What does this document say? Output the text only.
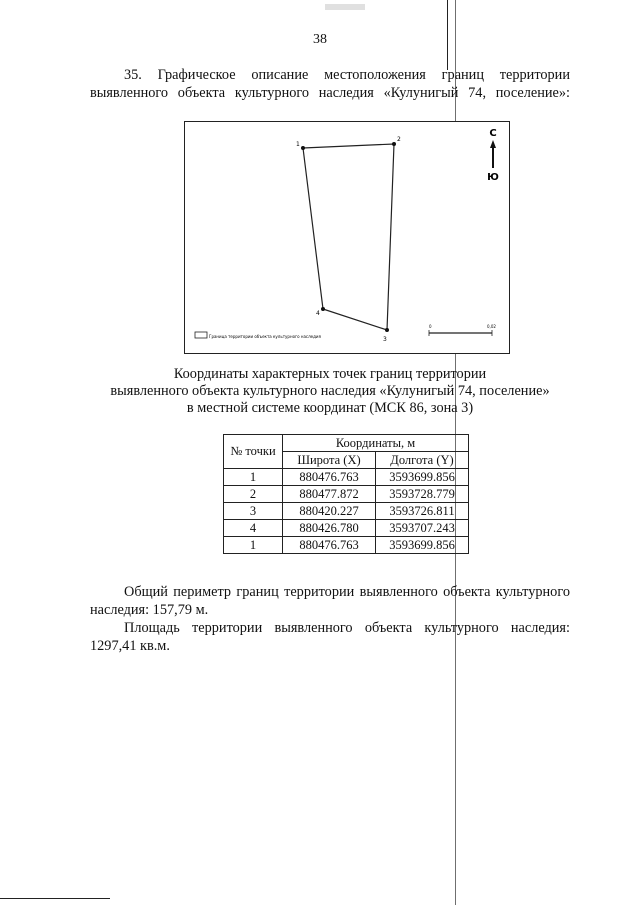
38
35. Графическое описание местоположения границ территории выявленного объекта культурного наследия «Кулунигый 74, поселение»:
1
2
3
4
С
Ю
Граница территории объекта культурного наследия
0	0,02
Координаты характерных точек границ территории
выявленного объекта культурного наследия «Кулунигый 74, поселение»
в местной системе координат (МСК 86, зона 3)
№ точки	Координаты, м	
	Широта (X)	Долгота (Y)
1	880476.763	3593699.856
2	880477.872	3593728.779
3	880420.227	3593726.811
4	880426.780	3593707.243
1	880476.763	3593699.856
Общий периметр границ территории выявленного объекта культурного наследия: 157,79 м.
Площадь территории выявленного объекта культурного наследия: 1297,41 кв.м.
